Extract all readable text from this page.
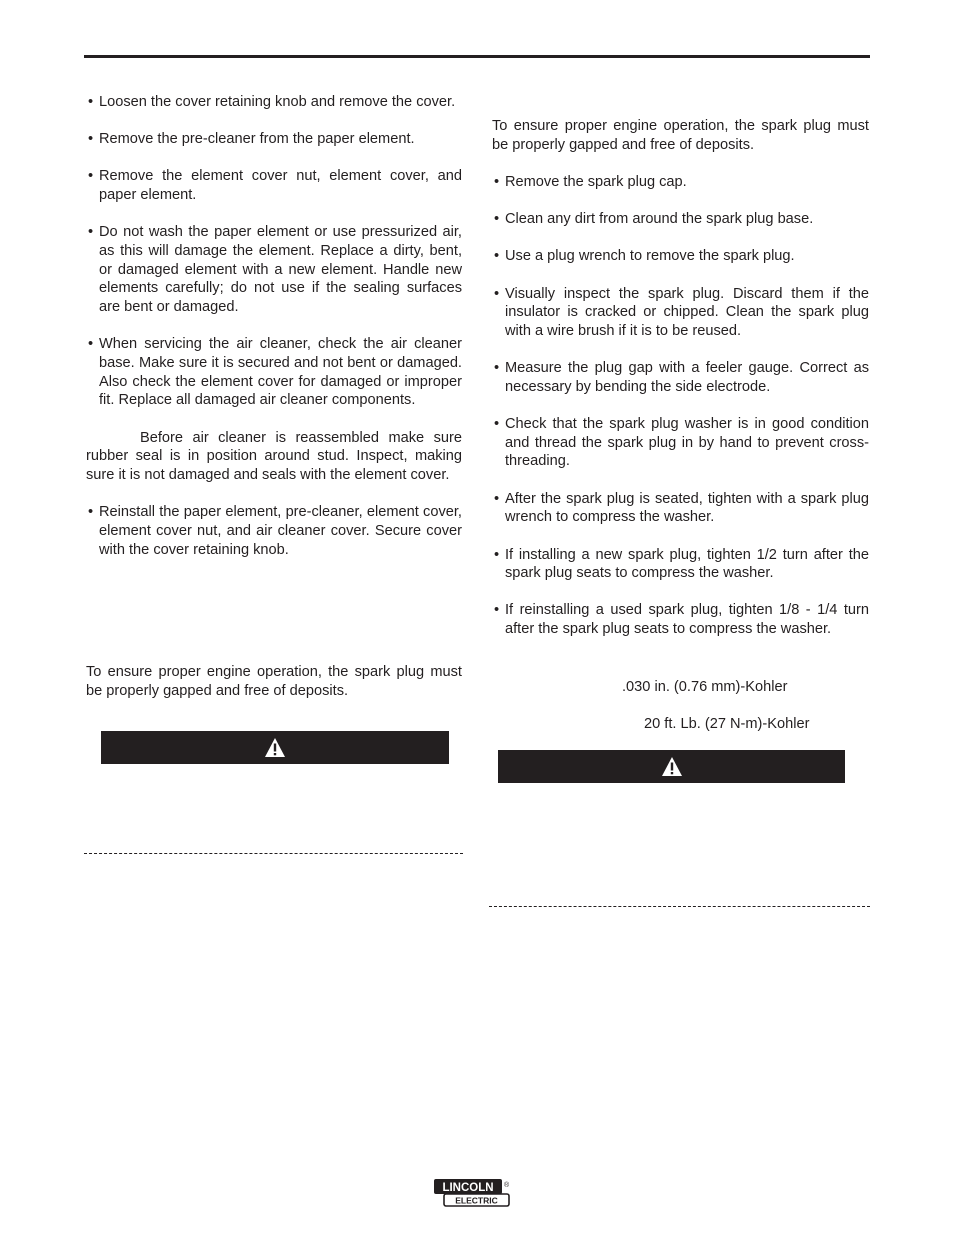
• Loosen the cover retaining knob and remove the cover.
• Remove the pre-cleaner from the paper element.
• Remove the element cover nut, element cover, and paper element.
• Do not wash the paper element or use pressurized air, as this will damage the element. Replace a dirty, bent, or damaged element with a new element. Handle new elements carefully; do not use if the sealing surfaces are bent or damaged.
• When servicing the air cleaner, check the air cleaner base. Make sure it is secured and not bent or damaged. Also check the element cover for damaged or improper fit. Replace all damaged air cleaner components.
Before air cleaner is reassembled make sure rubber seal is in position around stud. Inspect, making sure it is not damaged and seals with the element cover.
• Reinstall the paper element, pre-cleaner, element cover, element cover nut, and air cleaner cover. Secure cover with the cover retaining knob.
To ensure proper engine operation, the spark plug must be properly gapped and free of deposits.
To ensure proper engine operation, the spark plug must be properly gapped and free of deposits.
• Remove the spark plug cap.
• Clean any dirt from around the spark plug base.
• Use a plug wrench to remove the spark plug.
• Visually inspect the spark plug. Discard them if the insulator is cracked or chipped. Clean the spark plug with a wire brush if it is to be reused.
• Measure the plug gap with a feeler gauge. Correct as necessary by bending the side electrode.
• Check that the spark plug washer is in good condition and thread the spark plug in by hand to prevent cross-threading.
• After the spark plug is seated, tighten with a spark plug wrench to compress the washer.
• If installing a new spark plug, tighten 1/2 turn after the spark plug seats to compress the washer.
• If reinstalling a used spark plug, tighten 1/8 - 1/4 turn after the spark plug seats to compress the washer.
.030 in. (0.76 mm)-Kohler
20 ft. Lb. (27 N-m)-Kohler
LINCOLN
ELECTRIC
®
